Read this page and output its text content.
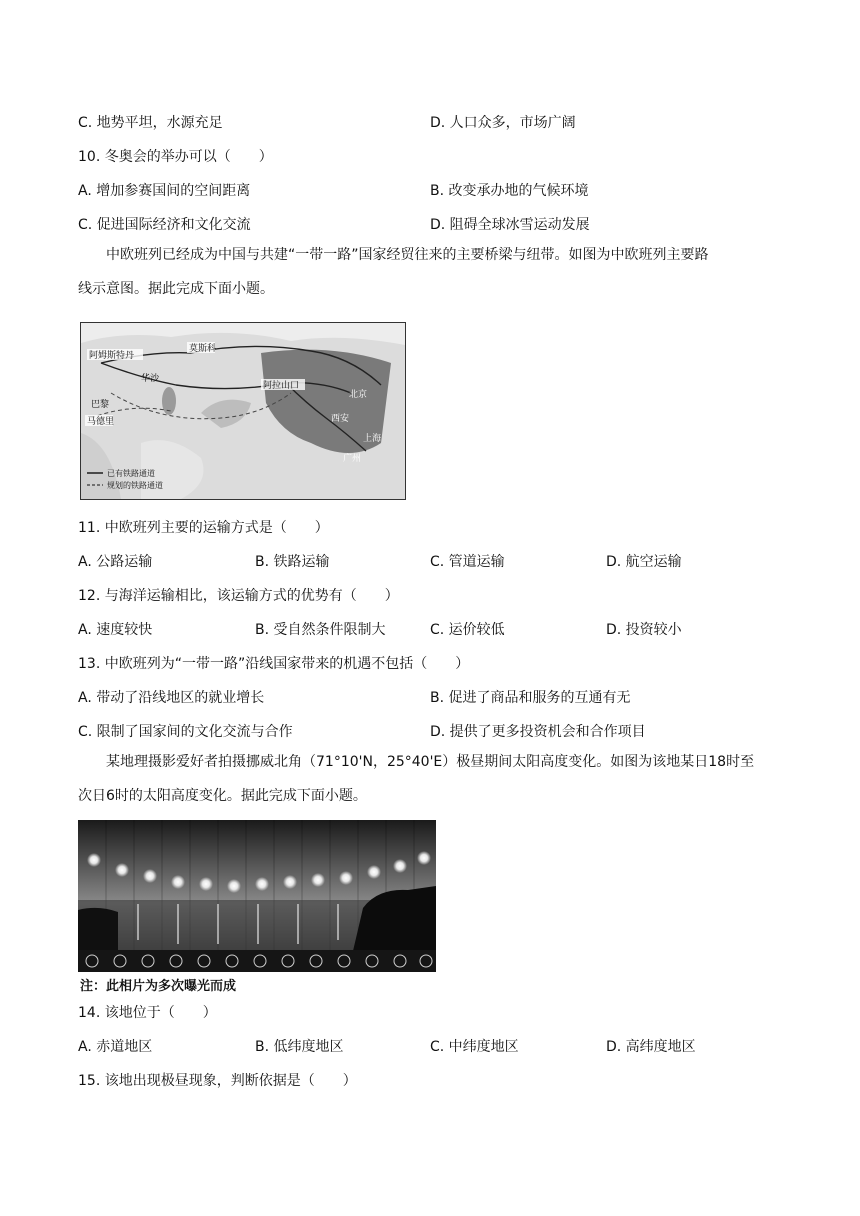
C. 地势平坦，水源充足	D. 人口众多，市场广阔
10. 冬奥会的举办可以（　　）
A. 增加参赛国间的空间距离	B. 改变承办地的气候环境
C. 促进国际经济和文化交流	D. 阻碍全球冰雪运动发展
中欧班列已经成为中国与共建“一带一路”国家经贸往来的主要桥梁与纽带。如图为中欧班列主要路
线示意图。据此完成下面小题。
阿姆斯特丹
莫斯科
华沙
巴黎
马德里
阿拉山口
北京
西安
上海
广州
已有铁路通道
规划的铁路通道
11. 中欧班列主要的运输方式是（　　）
A. 公路运输	B. 铁路运输	C. 管道运输	D. 航空运输
12. 与海洋运输相比，该运输方式的优势有（　　）
A. 速度较快	B. 受自然条件限制大	C. 运价较低	D. 投资较小
13. 中欧班列为“一带一路”沿线国家带来的机遇不包括（　　）
A. 带动了沿线地区的就业增长	B. 促进了商品和服务的互通有无
C. 限制了国家间的文化交流与合作	D. 提供了更多投资机会和合作项目
某地理摄影爱好者拍摄挪威北角（71°10'N，25°40'E）极昼期间太阳高度变化。如图为该地某日18时至
次日6时的太阳高度变化。据此完成下面小题。
注：此相片为多次曝光而成
14. 该地位于（　　）
A. 赤道地区	B. 低纬度地区	C. 中纬度地区	D. 高纬度地区
15. 该地出现极昼现象，判断依据是（　　）
